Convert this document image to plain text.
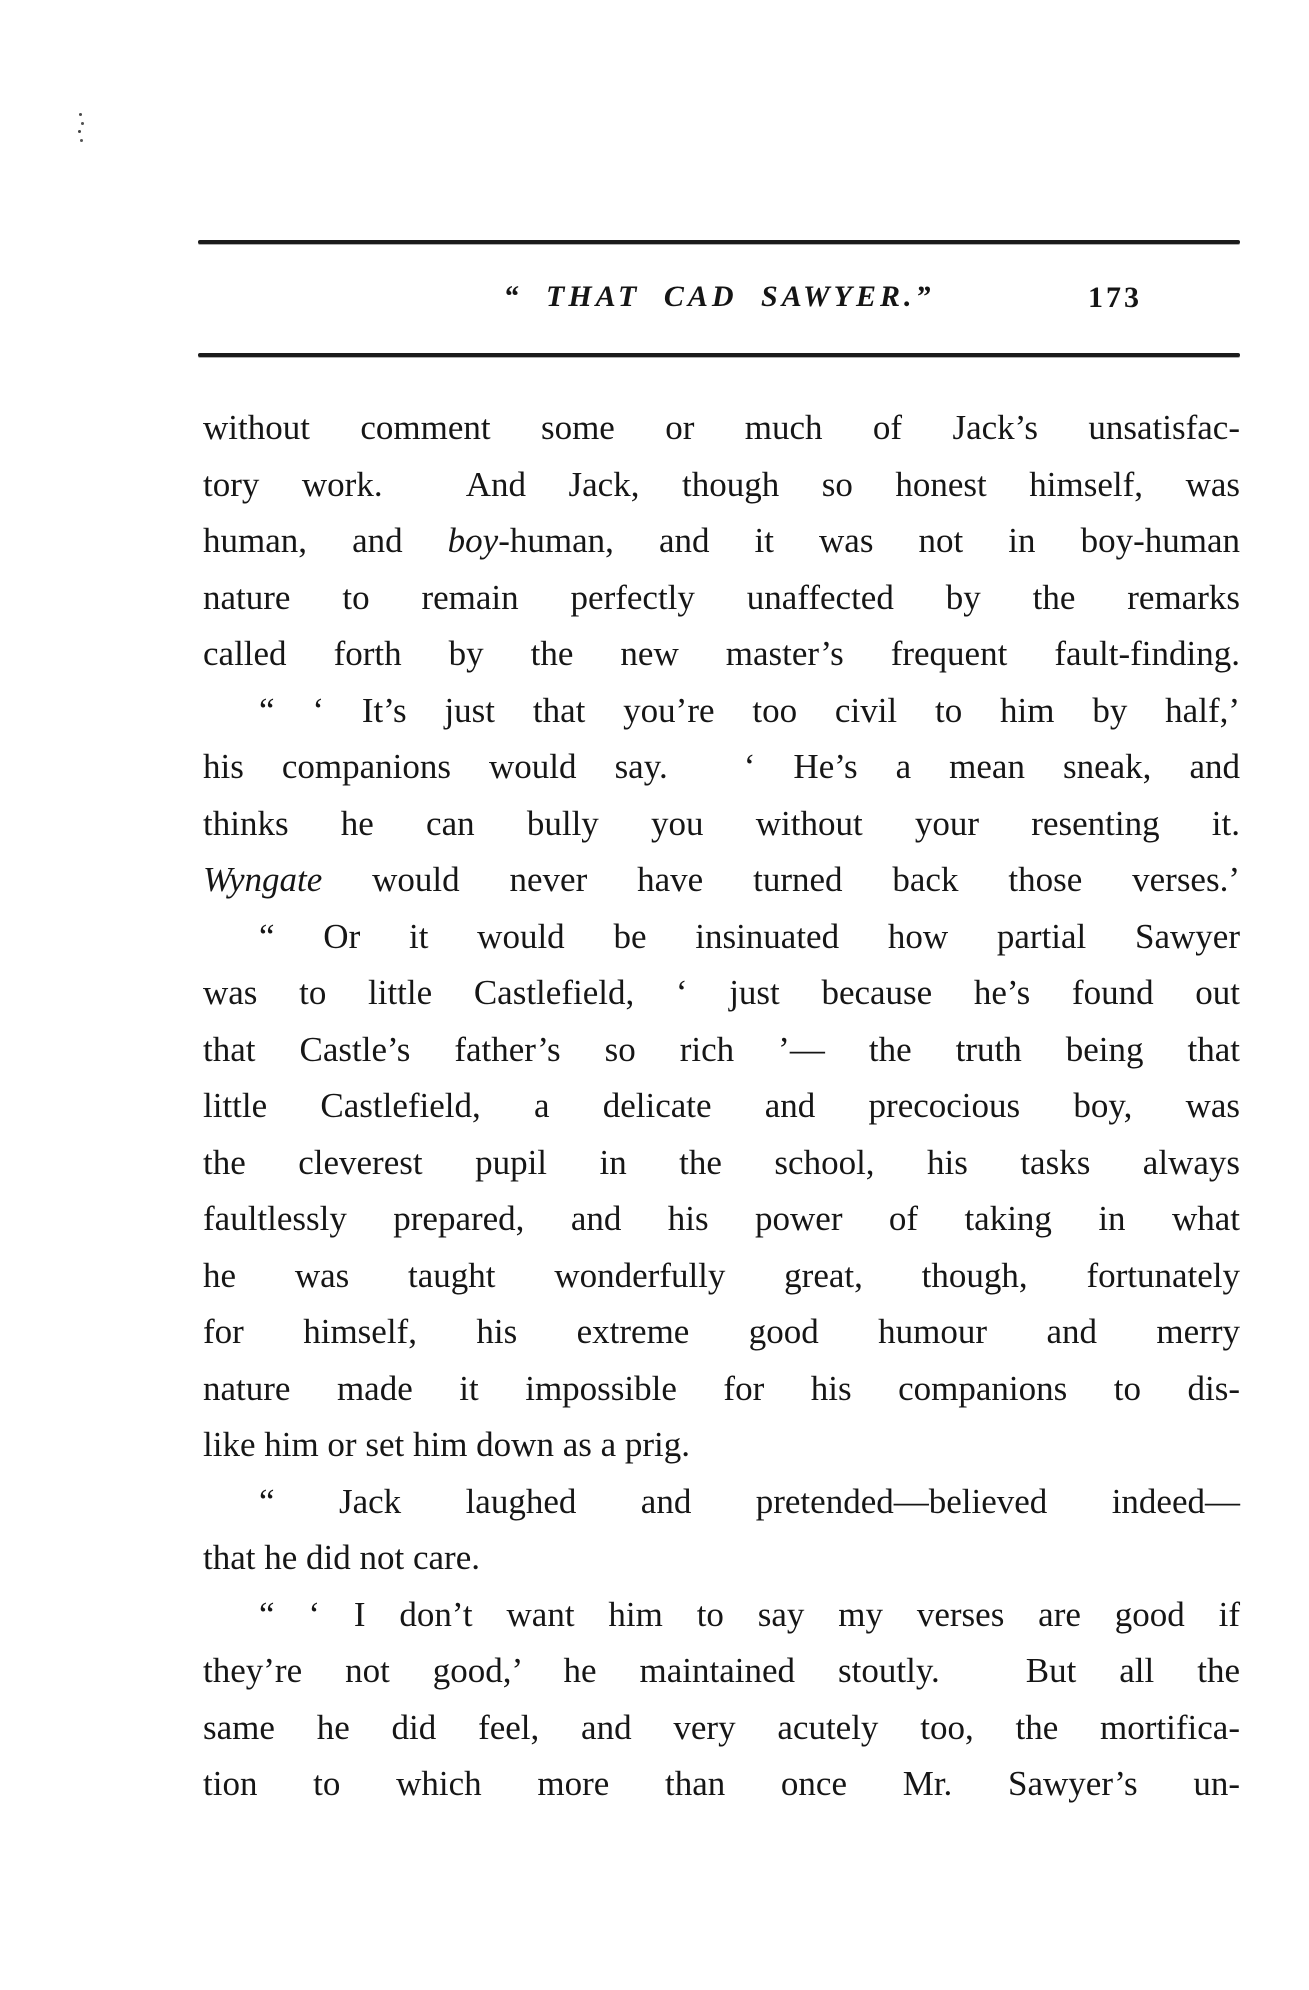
“ THAT CAD SAWYER.”	173
without comment some or much of Jack’s unsatisfac-
tory work.  And Jack, though so honest himself, was
human, and boy-human, and it was not in boy-human
nature to remain perfectly unaffected by the remarks
called forth by the new master’s frequent fault-finding.
“ ‘ It’s just that you’re too civil to him by half,’
his companions would say.  ‘ He’s a mean sneak, and
thinks he can bully you without your resenting it.
Wyngate would never have turned back those verses.’
“ Or it would be insinuated how partial Sawyer
was to little Castlefield, ‘ just because he’s found out
that Castle’s father’s so rich ’— the truth being that
little Castlefield, a delicate and precocious boy, was
the cleverest pupil in the school, his tasks always
faultlessly prepared, and his power of taking in what
he was taught wonderfully great, though, fortunately
for himself, his extreme good humour and merry
nature made it impossible for his companions to dis-
like him or set him down as a prig.
“ Jack laughed and pretended—believed indeed—
that he did not care.
“ ‘ I don’t want him to say my verses are good if
they’re not good,’ he maintained stoutly.  But all the
same he did feel, and very acutely too, the mortifica-
tion to which more than once Mr. Sawyer’s un-
